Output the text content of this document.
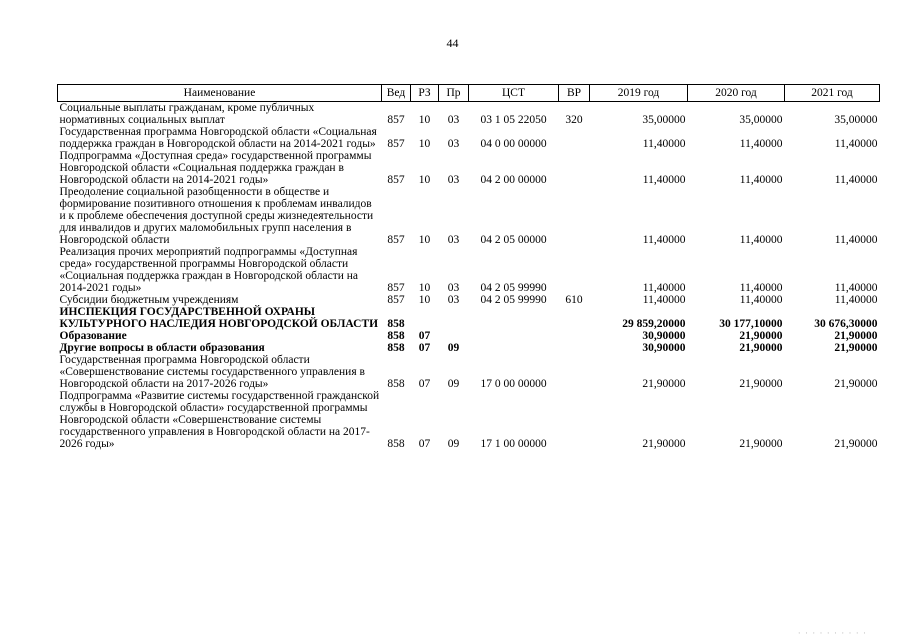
44
Наименование	Вед	РЗ	Пр	ЦСТ	ВР	2019 год	2020 год	2021 год
Социальные выплаты гражданам, кроме публичных нормативных социальных выплат	857	10	03	03 1 05 22050	320	35,00000	35,00000	35,00000
Государственная программа Новгородской области «Социальная поддержка граждан в Новгородской области на 2014-2021 годы»	857	10	03	04 0 00 00000		11,40000	11,40000	11,40000
Подпрограмма «Доступная среда» государственной программы Новгородской области «Социальная поддержка граждан в Новгородской области на 2014-2021 годы»	857	10	03	04 2 00 00000		11,40000	11,40000	11,40000
Преодоление социальной разобщенности в обществе и формирование позитивного отношения к проблемам инвалидов и к проблеме обеспечения доступной среды жизнедеятельности для инвалидов и других маломобильных групп населения в Новгородской области	857	10	03	04 2 05 00000		11,40000	11,40000	11,40000
Реализация прочих мероприятий подпрограммы «Доступная среда» государственной программы Новгородской области «Социальная поддержка граждан в Новгородской области на 2014-2021 годы»	857	10	03	04 2 05 99990		11,40000	11,40000	11,40000
Субсидии бюджетным учреждениям	857	10	03	04 2 05 99990	610	11,40000	11,40000	11,40000
ИНСПЕКЦИЯ ГОСУДАРСТВЕННОЙ ОХРАНЫ КУЛЬТУРНОГО НАСЛЕДИЯ НОВГОРОДСКОЙ ОБЛАСТИ	858					29 859,20000	30 177,10000	30 676,30000
Образование	858	07				30,90000	21,90000	21,90000
Другие вопросы в области образования	858	07	09			30,90000	21,90000	21,90000
Государственная программа Новгородской области «Совершенствование системы государственного управления в Новгородской области на 2017-2026 годы»	858	07	09	17 0 00 00000		21,90000	21,90000	21,90000
Подпрограмма «Развитие системы государственной гражданской службы в Новгородской области» государственной программы Новгородской области «Совершенствование системы государственного управления в Новгородской области на 2017-2026 годы»	858	07	09	17 1 00 00000		21,90000	21,90000	21,90000
· · · · · · · · · ·
